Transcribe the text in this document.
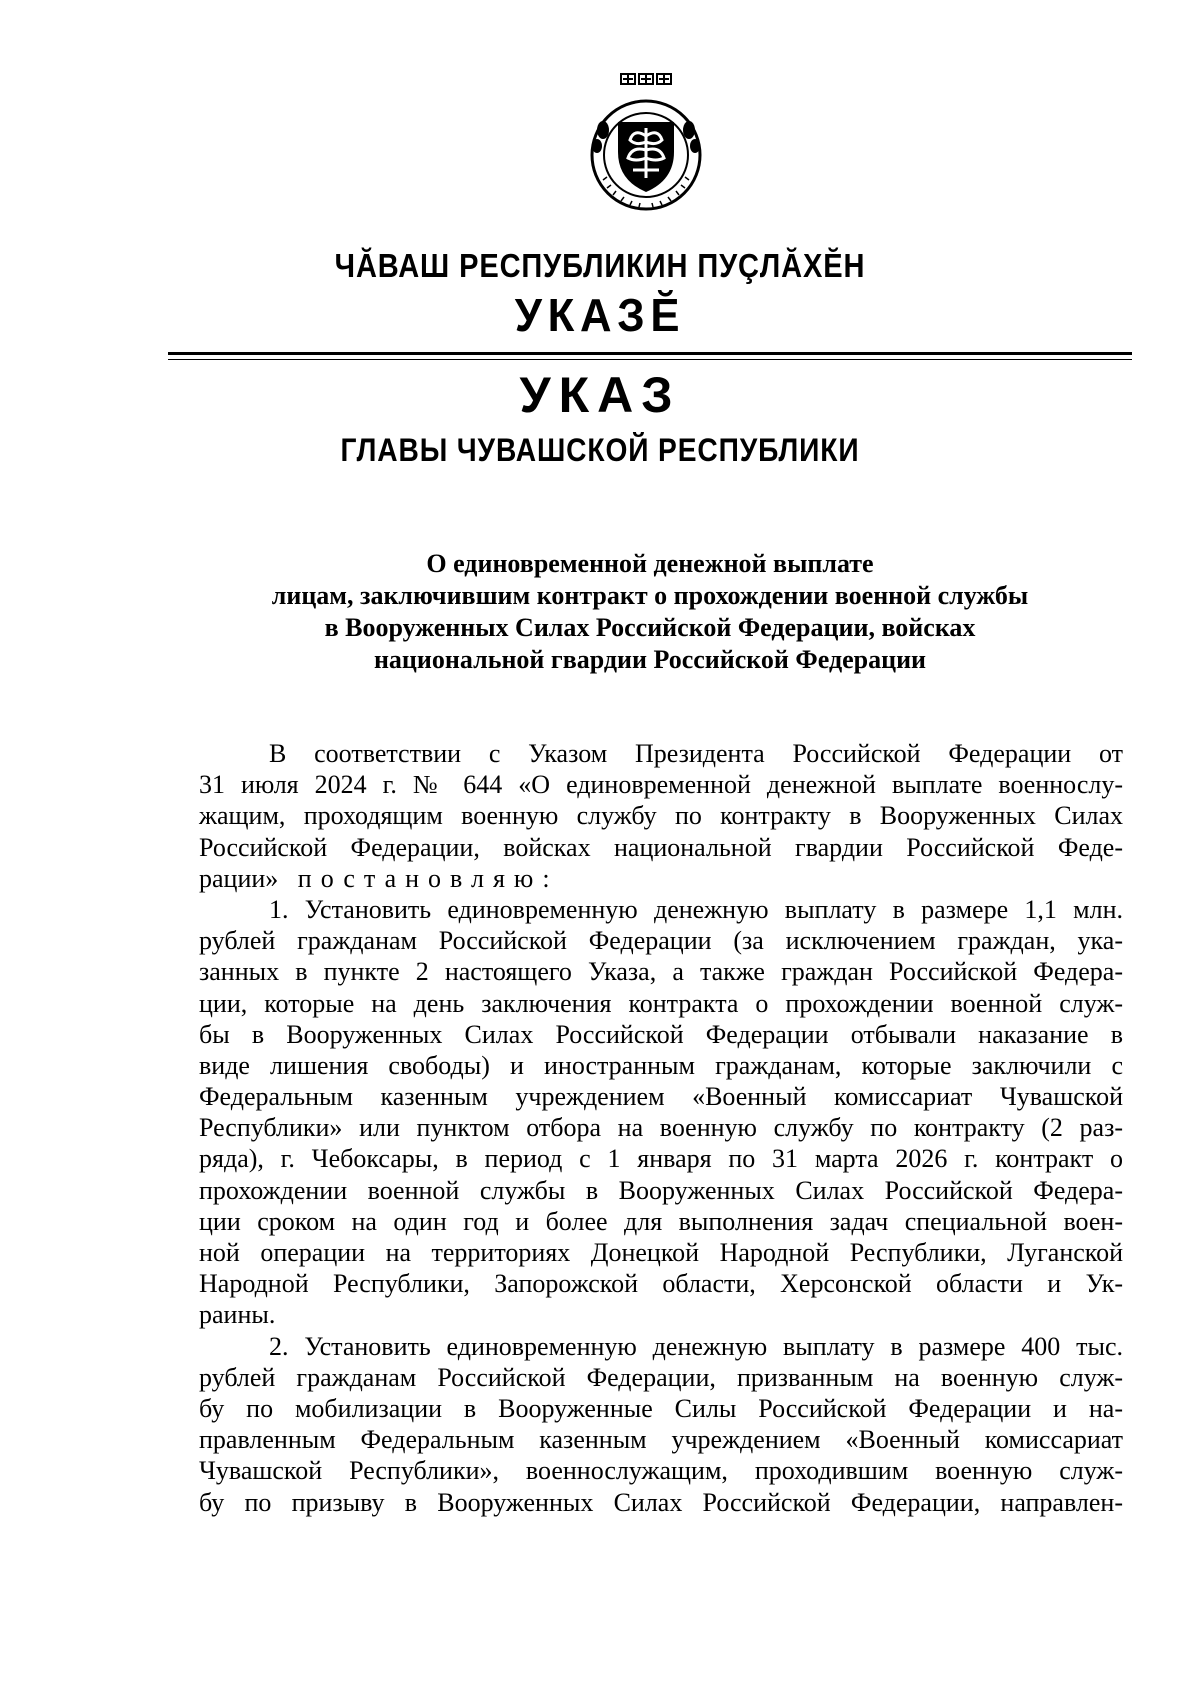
ЧĂВАШ РЕСПУБЛИКИН ПУÇЛĂХĔН
УКАЗĔ
УКАЗ
ГЛАВЫ ЧУВАШСКОЙ РЕСПУБЛИКИ
О единовременной денежной выплате
лицам, заключившим контракт о прохождении военной службы
в Вооруженных Силах Российской Федерации, войсках
национальной гвардии Российской Федерации
В соответствии с Указом Президента Российской Федерации от
31 июля 2024 г. № 644 «О единовременной денежной выплате военнослу-
жащим, проходящим военную службу по контракту в Вооруженных Силах
Российской Федерации, войсках национальной гвардии Российской Феде-
рации» постановляю:
1. Установить единовременную денежную выплату в размере 1,1 млн.
рублей гражданам Российской Федерации (за исключением граждан, ука-
занных в пункте 2 настоящего Указа, а также граждан Российской Федера-
ции, которые на день заключения контракта о прохождении военной служ-
бы в Вооруженных Силах Российской Федерации отбывали наказание в
виде лишения свободы) и иностранным гражданам, которые заключили с
Федеральным казенным учреждением «Военный комиссариат Чувашской
Республики» или пунктом отбора на военную службу по контракту (2 раз-
ряда), г. Чебоксары, в период с 1 января по 31 марта 2026 г. контракт о
прохождении военной службы в Вооруженных Силах Российской Федера-
ции сроком на один год и более для выполнения задач специальной воен-
ной операции на территориях Донецкой Народной Республики, Луганской
Народной Республики, Запорожской области, Херсонской области и Ук-
раины.
2. Установить единовременную денежную выплату в размере 400 тыс.
рублей гражданам Российской Федерации, призванным на военную служ-
бу по мобилизации в Вооруженные Силы Российской Федерации и на-
правленным Федеральным казенным учреждением «Военный комиссариат
Чувашской Республики», военнослужащим, проходившим военную служ-
бу по призыву в Вооруженных Силах Российской Федерации, направлен-
